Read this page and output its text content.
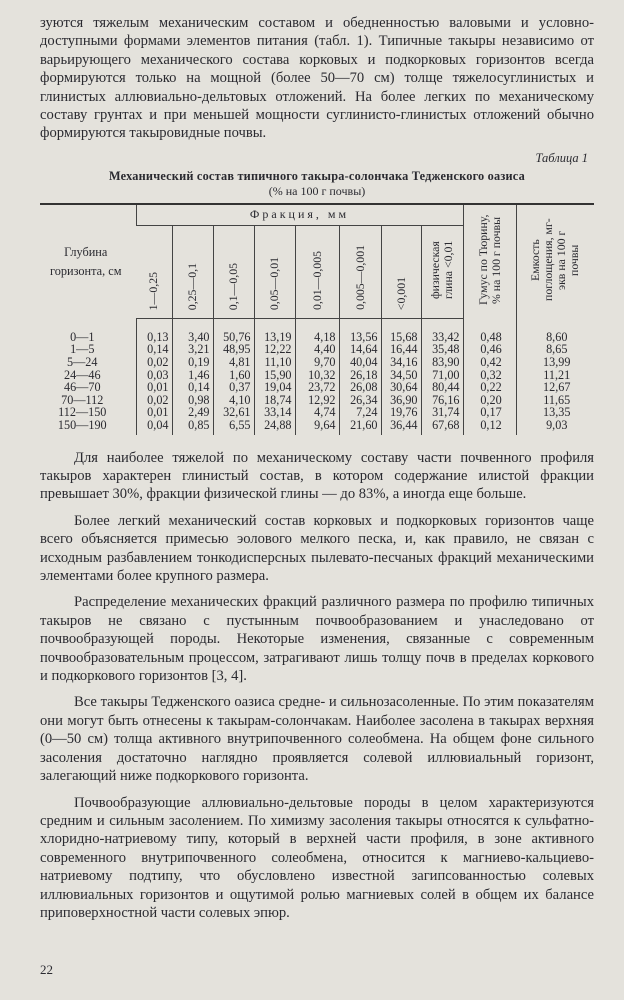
зуются тяжелым механическим составом и обедненностью валовыми и условно-доступными формами элементов питания (табл. 1). Типичные такыры независимо от варьирующего механического состава корковых и подкорковых горизонтов всегда формируются только на мощной (более 50—70 см) толще тяжелосуглинистых и глинистых аллювиально-дельтовых отложений. На более легких по механическому составу грунтах и при меньшей мощности суглинисто-глинистых отложений обычно формируются такыровидные почвы.

Таблица 1

Механический состав типичного такыра-солончака Тедженского оазиса

(% на 100 г почвы)

Глубина горизонта, см	Фракция, мм								Гумус по Тюрину, % на 100 г почвы	Емкость поглощения, мг-экв на 100 г почвы
	1—0,25	0,25—0,1	0,1—0,05	0,05—0,01	0,01—0,005	0,005—0,001	<0,001	физическая глина <0,01		
0—1	0,13	3,40	50,76	13,19	4,18	13,56	15,68	33,42	0,48	8,60
1—5	0,14	3,21	48,95	12,22	4,40	14,64	16,44	35,48	0,46	8,65
5—24	0,02	0,19	4,81	11,10	9,70	40,04	34,16	83,90	0,42	13,99
24—46	0,03	1,46	1,60	15,90	10,32	26,18	34,50	71,00	0,32	11,21
46—70	0,01	0,14	0,37	19,04	23,72	26,08	30,64	80,44	0,22	12,67
70—112	0,02	0,98	4,10	18,74	12,92	26,34	36,90	76,16	0,20	11,65
112—150	0,01	2,49	32,61	33,14	4,74	7,24	19,76	31,74	0,17	13,35
150—190	0,04	0,85	6,55	24,88	9,64	21,60	36,44	67,68	0,12	9,03

Для наиболее тяжелой по механическому составу части почвенного профиля такыров характерен глинистый состав, в котором содержание илистой фракции превышает 30%, фракции физической глины — до 83%, а иногда еще больше.

Более легкий механический состав корковых и подкорковых горизонтов чаще всего объясняется примесью эолового мелкого песка, и, как правило, не связан с исходным разбавлением тонкодисперсных пылевато-песчаных фракций механическими элементами более крупного размера.

Распределение механических фракций различного размера по профилю типичных такыров не связано с пустынным почвообразованием и унаследовано от почвообразующей породы. Некоторые изменения, связанные с современным почвообразовательным процессом, затрагивают лишь толщу почв в пределах коркового и подкоркового горизонтов [3, 4].

Все такыры Тедженского оазиса средне- и сильнозасоленные. По этим показателям они могут быть отнесены к такырам-солончакам. Наиболее засолена в такырах верхняя (0—50 см) толща активного внутрипочвенного солеобмена. На общем фоне сильного засоления достаточно наглядно проявляется солевой иллювиальный горизонт, залегающий ниже подкоркового горизонта.

Почвообразующие аллювиально-дельтовые породы в целом характеризуются средним и сильным засолением. По химизму засоления такыры относятся к сульфатно-хлоридно-натриевому типу, который в верхней части профиля, в зоне активного современного внутрипочвенного солеобмена, относится к магниево-кальциево-натриевому подтипу, что обусловлено известной загипсованностью солевых иллювиальных горизонтов и ощутимой ролью магниевых солей в общем их балансе приповерхностной части солевых эпюр.

22
